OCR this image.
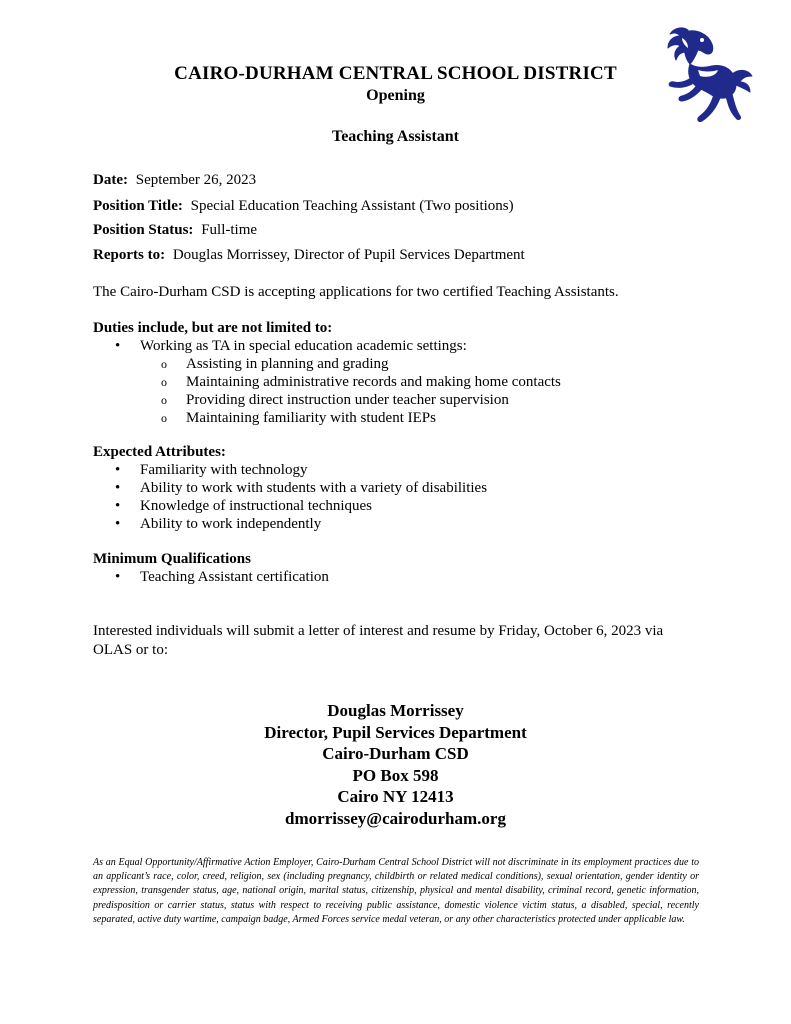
CAIRO-DURHAM CENTRAL SCHOOL DISTRICT
Opening
Teaching Assistant
Date: September 26, 2023
Position Title: Special Education Teaching Assistant (Two positions)
Position Status: Full-time
Reports to: Douglas Morrissey, Director of Pupil Services Department
The Cairo-Durham CSD is accepting applications for two certified Teaching Assistants.
Duties include, but are not limited to:
• Working as TA in special education academic settings:
o Assisting in planning and grading
o Maintaining administrative records and making home contacts
o Providing direct instruction under teacher supervision
o Maintaining familiarity with student IEPs
Expected Attributes:
• Familiarity with technology
• Ability to work with students with a variety of disabilities
• Knowledge of instructional techniques
• Ability to work independently
Minimum Qualifications
• Teaching Assistant certification
Interested individuals will submit a letter of interest and resume by Friday, October 6, 2023 via OLAS or to:
Douglas Morrissey
Director, Pupil Services Department
Cairo-Durham CSD
PO Box 598
Cairo NY 12413
dmorrissey@cairodurham.org
As an Equal Opportunity/Affirmative Action Employer, Cairo-Durham Central School District will not discriminate in its employment practices due to an applicant’s race, color, creed, religion, sex (including pregnancy, childbirth or related medical conditions), sexual orientation, gender identity or expression, transgender status, age, national origin, marital status, citizenship, physical and mental disability, criminal record, genetic information, predisposition or carrier status, status with respect to receiving public assistance, domestic violence victim status, a disabled, special, recently separated, active duty wartime, campaign badge, Armed Forces service medal veteran, or any other characteristics protected under applicable law.
